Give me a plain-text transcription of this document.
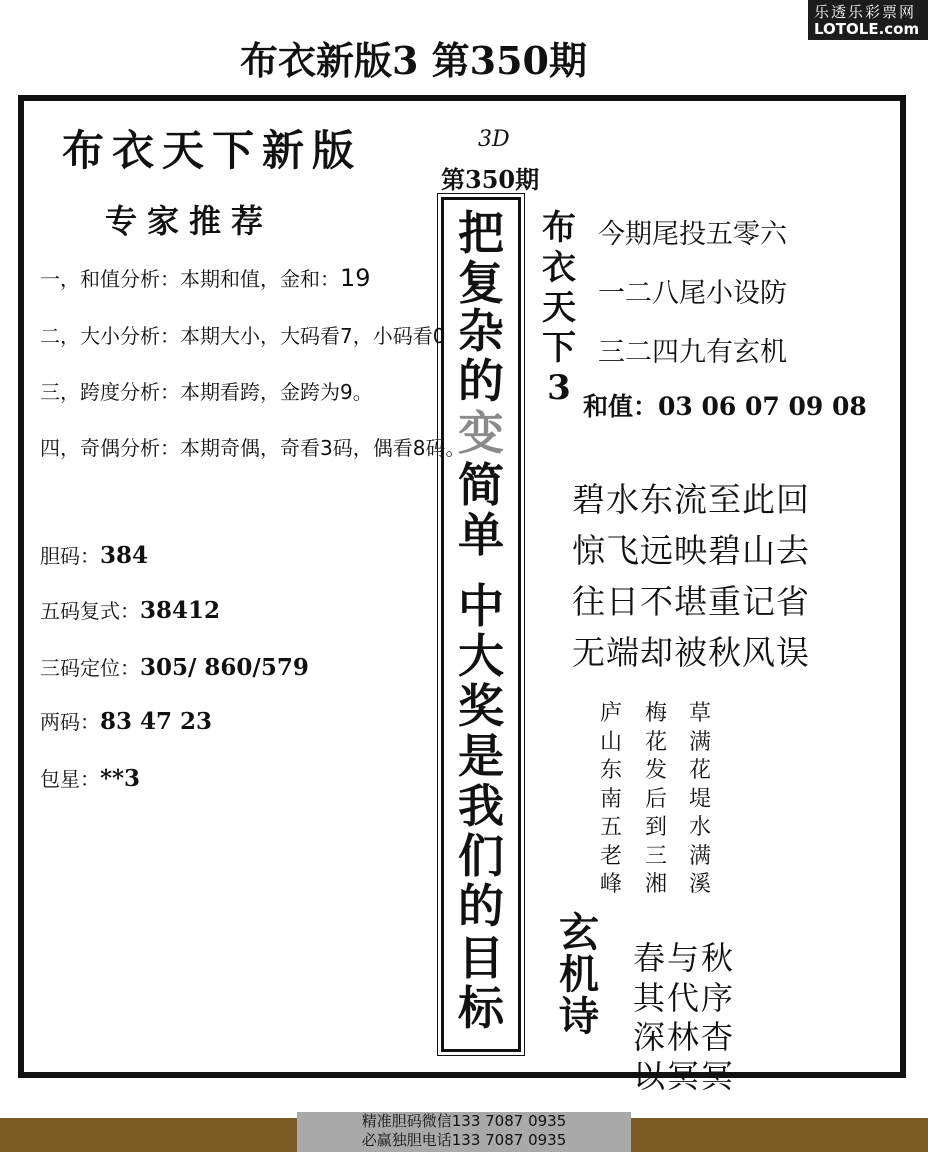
乐透乐彩票网
LOTOLE.com
布衣新版3 第350期
布衣天下新版
专家推荐
一，和值分析：本期和值，金和：19
二，大小分析：本期大小，大码看7，小码看0
三，跨度分析：本期看跨，金跨为9。
四，奇偶分析：本期奇偶，奇看3码，偶看8码。
胆码：384
五码复式：38412
三码定位：305/ 860/579
两码：83 47 23
包星：**3
3D
第350期
把
复
杂
的
变
简
单
中
大
奖
是
我
们
的
目
标
布
衣
天
下
3
今期尾投五零六
一二八尾小设防
三二四九有玄机
和值：03 06 07 09 08
碧水东流至此回
惊飞远映碧山去
往日不堪重记省
无端却被秋风误
庐
山
东
南
五
老
峰
梅
花
发
后
到
三
湘
草
满
花
堤
水
满
溪
玄
机
诗
春与秋
其代序
深林杳
以冥冥
精准胆码微信133 7087 0935
必赢独胆电话133 7087 0935
